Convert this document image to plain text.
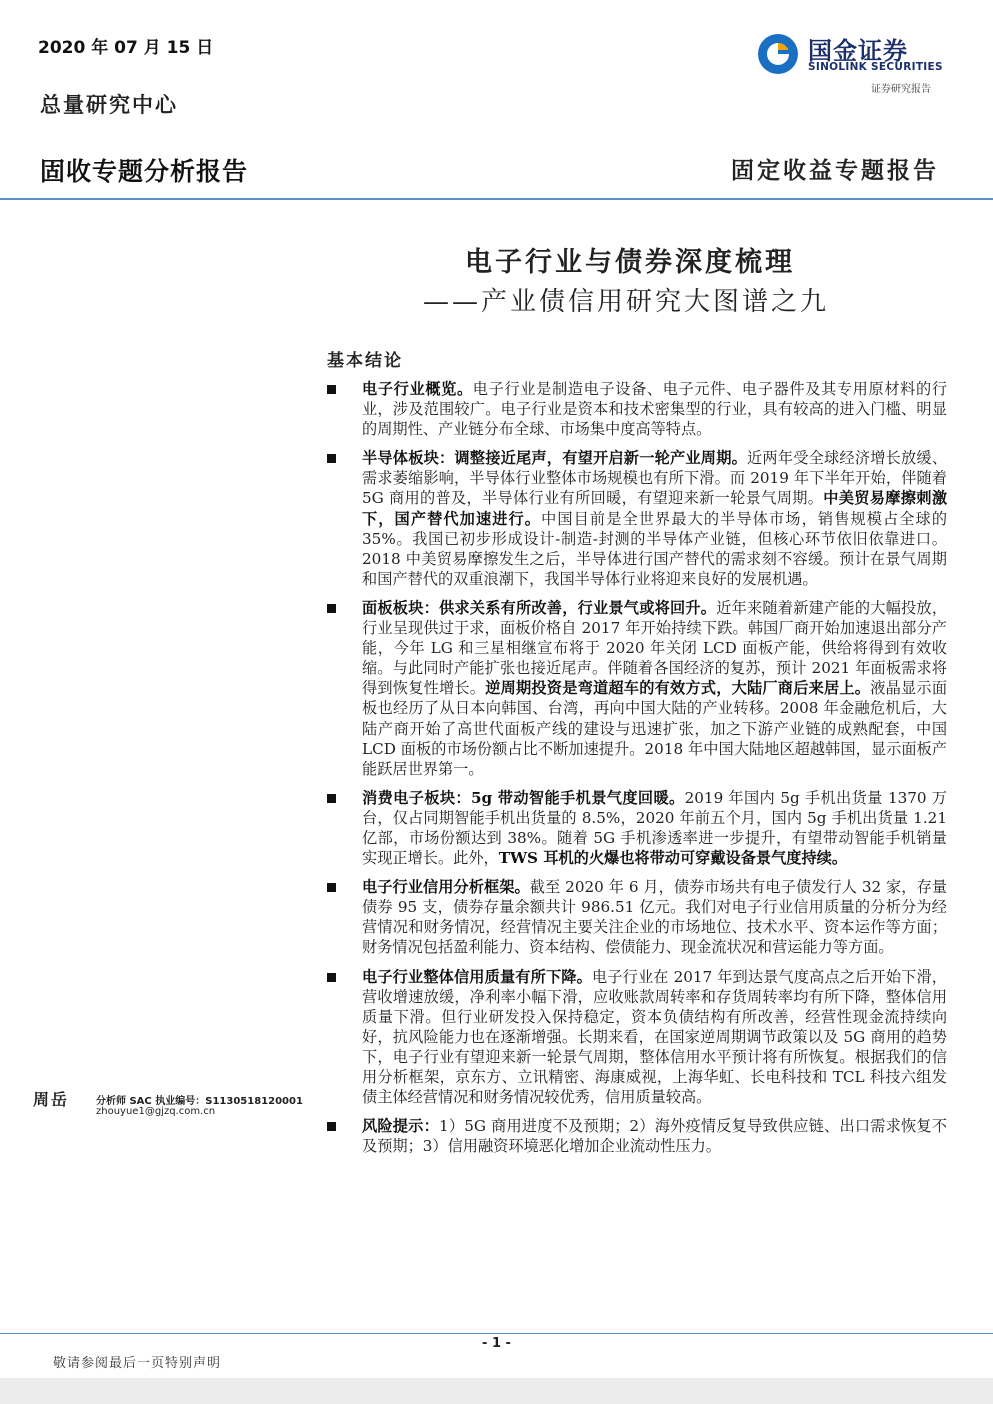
2020 年 07 月 15 日
总量研究中心
国金证券
SINOLINK SECURITIES
证券研究报告
固收专题分析报告	固定收益专题报告
电子行业与债券深度梳理
——产业债信用研究大图谱之九
基本结论
电子行业概览。电子行业是制造电子设备、电子元件、电子器件及其专用原材料的行业，涉及范围较广。电子行业是资本和技术密集型的行业，具有较高的进入门槛、明显的周期性、产业链分布全球、市场集中度高等特点。
半导体板块：调整接近尾声，有望开启新一轮产业周期。近两年受全球经济增长放缓、需求萎缩影响，半导体行业整体市场规模也有所下滑。而 2019 年下半年开始，伴随着 5G 商用的普及，半导体行业有所回暖，有望迎来新一轮景气周期。中美贸易摩擦刺激下，国产替代加速进行。中国目前是全世界最大的半导体市场，销售规模占全球的 35%。我国已初步形成设计-制造-封测的半导体产业链，但核心环节依旧依靠进口。2018 中美贸易摩擦发生之后，半导体进行国产替代的需求刻不容缓。预计在景气周期和国产替代的双重浪潮下，我国半导体行业将迎来良好的发展机遇。
面板板块：供求关系有所改善，行业景气或将回升。近年来随着新建产能的大幅投放，行业呈现供过于求，面板价格自 2017 年开始持续下跌。韩国厂商开始加速退出部分产能，今年 LG 和三星相继宣布将于 2020 年关闭 LCD 面板产能，供给将得到有效收缩。与此同时产能扩张也接近尾声。伴随着各国经济的复苏，预计 2021 年面板需求将得到恢复性增长。逆周期投资是弯道超车的有效方式，大陆厂商后来居上。液晶显示面板也经历了从日本向韩国、台湾，再向中国大陆的产业转移。2008 年金融危机后，大陆产商开始了高世代面板产线的建设与迅速扩张，加之下游产业链的成熟配套，中国 LCD 面板的市场份额占比不断加速提升。2018 年中国大陆地区超越韩国，显示面板产能跃居世界第一。
消费电子板块：5g 带动智能手机景气度回暖。2019 年国内 5g 手机出货量 1370 万台，仅占同期智能手机出货量的 8.5%，2020 年前五个月，国内 5g 手机出货量 1.21 亿部，市场份额达到 38%。随着 5G 手机渗透率进一步提升，有望带动智能手机销量实现正增长。此外，TWS 耳机的火爆也将带动可穿戴设备景气度持续。
电子行业信用分析框架。截至 2020 年 6 月，债券市场共有电子债发行人 32 家，存量债券 95 支，债券存量余额共计 986.51 亿元。我们对电子行业信用质量的分析分为经营情况和财务情况，经营情况主要关注企业的市场地位、技术水平、资本运作等方面；财务情况包括盈利能力、资本结构、偿债能力、现金流状况和营运能力等方面。
电子行业整体信用质量有所下降。电子行业在 2017 年到达景气度高点之后开始下滑，营收增速放缓，净利率小幅下滑，应收账款周转率和存货周转率均有所下降，整体信用质量下滑。但行业研发投入保持稳定，资本负债结构有所改善，经营性现金流持续向好，抗风险能力也在逐渐增强。长期来看，在国家逆周期调节政策以及 5G 商用的趋势下，电子行业有望迎来新一轮景气周期，整体信用水平预计将有所恢复。根据我们的信用分析框架，京东方、立讯精密、海康威视，上海华虹、长电科技和 TCL 科技六组发债主体经营情况和财务情况较优秀，信用质量较高。
风险提示：1）5G 商用进度不及预期；2）海外疫情反复导致供应链、出口需求恢复不及预期；3）信用融资环境恶化增加企业流动性压力。
周岳	分析师 SAC 执业编号：S1130518120001
zhouyue1@gjzq.com.cn
- 1 -
敬请参阅最后一页特别声明
